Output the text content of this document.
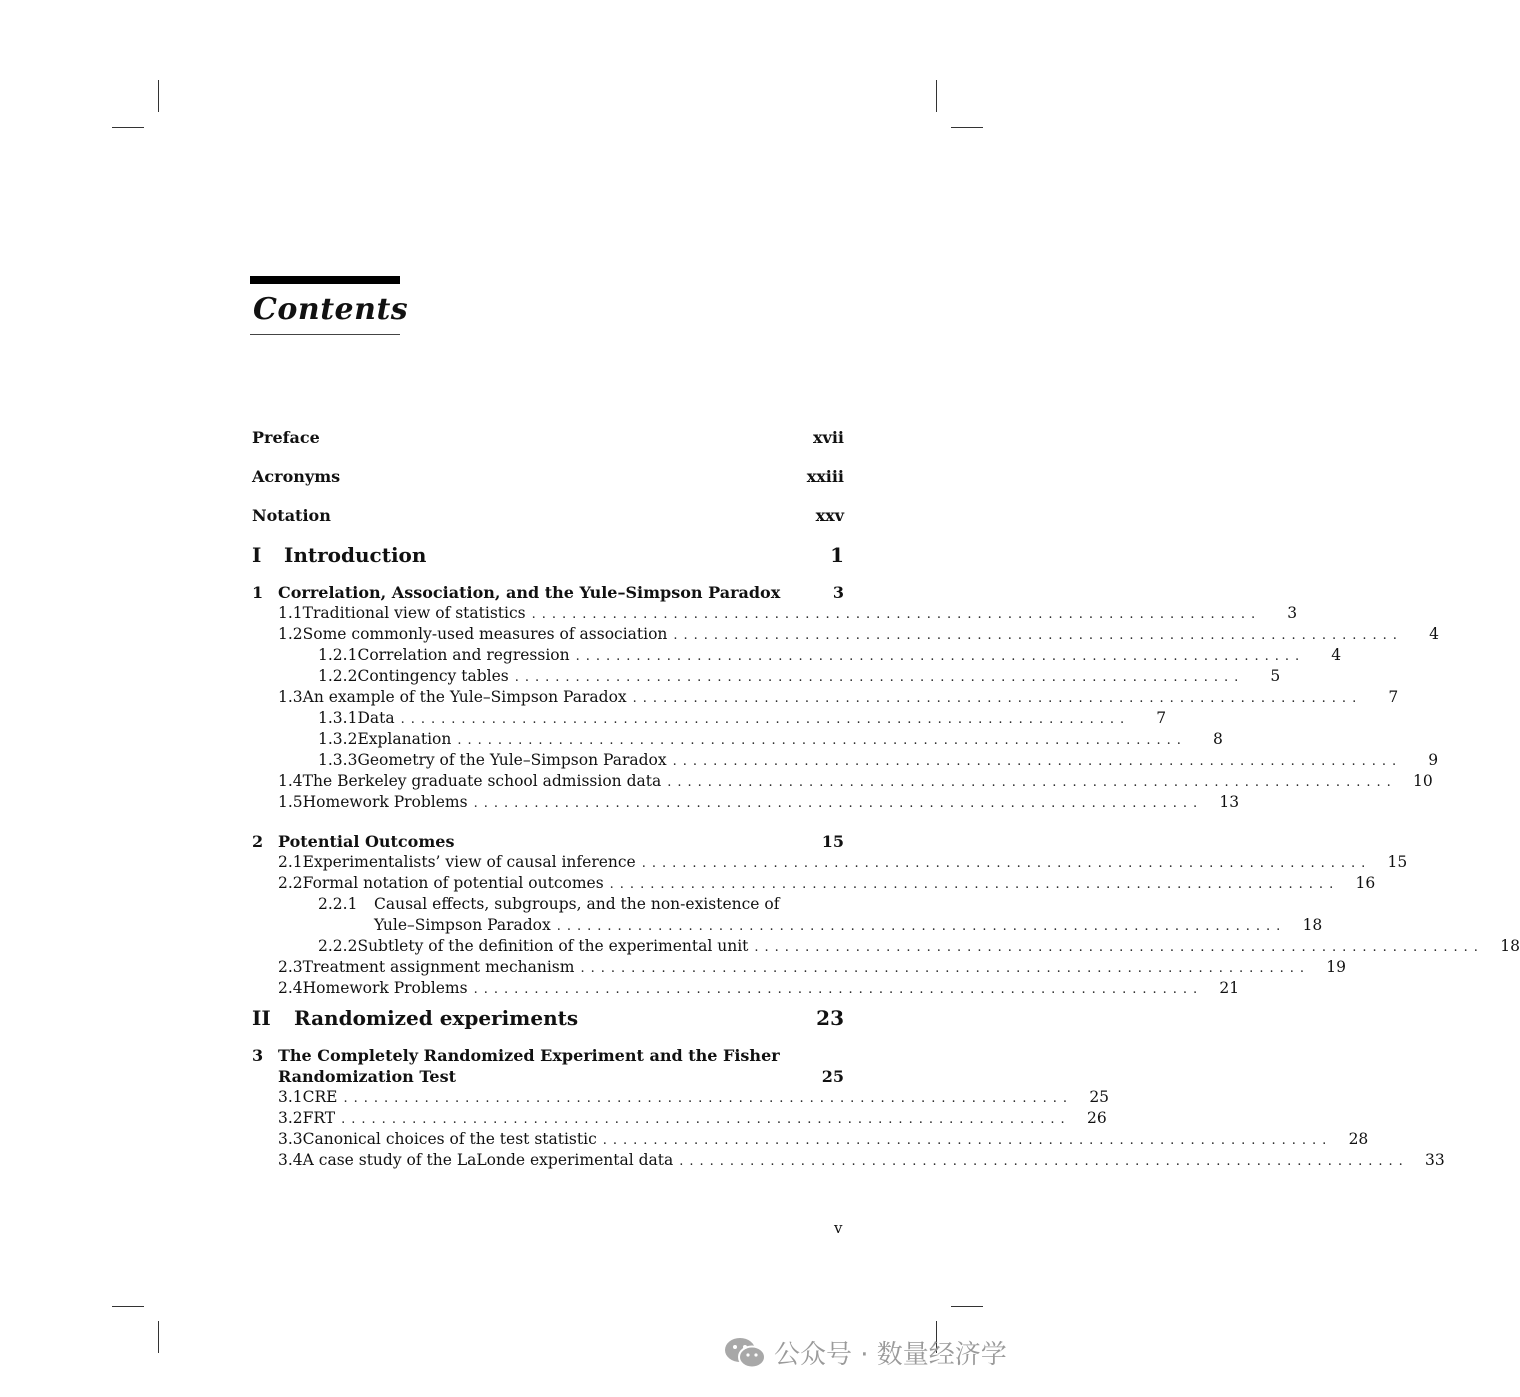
Contents
Preface	xvii
Acronyms	xxiii
Notation	xxv
I	Introduction	1
1 Correlation, Association, and the Yule–Simpson Paradox	3
1.1 Traditional view of statistics ........................................................................	3
1.2 Some commonly-used measures of association ........................................................................	4
1.2.1 Correlation and regression ........................................................................	4
1.2.2 Contingency tables ........................................................................	5
1.3 An example of the Yule–Simpson Paradox ........................................................................	7
1.3.1 Data ........................................................................	7
1.3.2 Explanation ........................................................................	8
1.3.3 Geometry of the Yule–Simpson Paradox ........................................................................	9
1.4 The Berkeley graduate school admission data ........................................................................	10
1.5 Homework Problems ........................................................................	13
2 Potential Outcomes	15
2.1 Experimentalists’ view of causal inference ........................................................................	15
2.2 Formal notation of potential outcomes ........................................................................	16
2.2.1	Causal effects, subgroups, and the non-existence of
Yule–Simpson Paradox ........................................................................	18
2.2.2 Subtlety of the definition of the experimental unit ........................................................................	18
2.3 Treatment assignment mechanism ........................................................................	19
2.4 Homework Problems ........................................................................	21
II	Randomized experiments	23
3 The Completely Randomized Experiment and the Fisher
Randomization Test	25
3.1 CRE ........................................................................	25
3.2 FRT ........................................................................	26
3.3 Canonical choices of the test statistic ........................................................................	28
3.4 A case study of the LaLonde experimental data ........................................................................	33
v
公众号 · 数量经济学
